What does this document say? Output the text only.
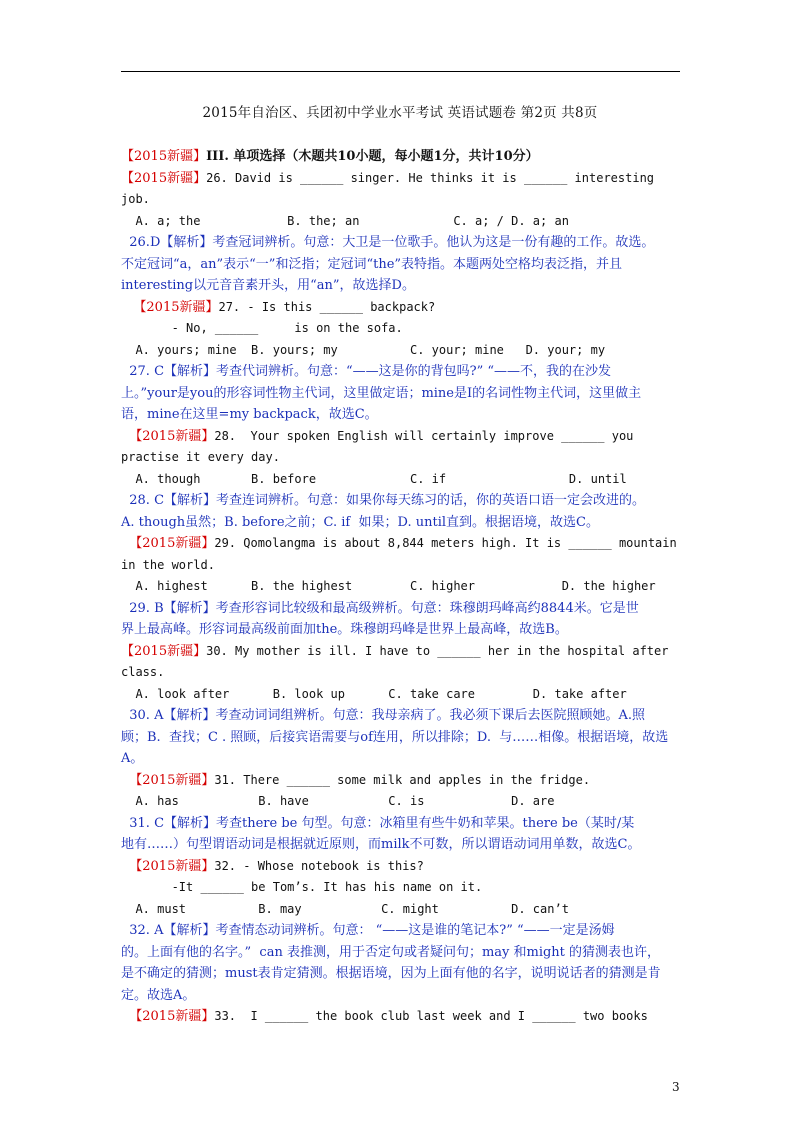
2015年自治区、兵团初中学业水平考试 英语试题卷 第2页 共8页
【2015新疆】III. 单项选择（木题共10小题，每小题1分，共计10分）
【2015新疆】26. David is ______ singer. He thinks it is ______ interesting
job.
A. a; the            B. the; an             C. a; / D. a; an
26.D【解析】考查冠词辨析。句意：大卫是一位歌手。他认为这是一份有趣的工作。故选。
不定冠词“a，an”表示“一”和泛指；定冠词“the”表特指。本题两处空格均表泛指，并且
interesting以元音音素开头，用“an”，故选择D。
【2015新疆】27. - Is this ______ backpack?
- No, ______     is on the sofa.
A. yours; mine  B. yours; my          C. your; mine   D. your; my
27. C【解析】考查代词辨析。句意：“——这是你的背包吗?” “——不，我的在沙发
上。”your是you的形容词性物主代词，这里做定语；mine是I的名词性物主代词，这里做主
语，mine在这里=my backpack，故选C。
【2015新疆】28.  Your spoken English will certainly improve ______ you
practise it every day.
A. though       B. before             C. if                 D. until
28. C【解析】考查连词辨析。句意：如果你每天练习的话，你的英语口语一定会改进的。
A. though虽然；B. before之前；C. if  如果；D. until直到。根据语境，故选C。
【2015新疆】29. Qomolangma is about 8,844 meters high. It is ______ mountain
in the world.
A. highest      B. the highest        C. higher            D. the higher
29. B【解析】考查形容词比较级和最高级辨析。句意：珠穆朗玛峰高约8844米。它是世
界上最高峰。形容词最高级前面加the。珠穆朗玛峰是世界上最高峰，故选B。
【2015新疆】30. My mother is ill. I have to ______ her in the hospital after
class.
A. look after      B. look up      C. take care        D. take after
30. A【解析】考查动词词组辨析。句意：我母亲病了。我必须下课后去医院照顾她。A.照
顾；B.  查找；C . 照顾，后接宾语需要与of连用，所以排除；D.  与……相像。根据语境，故选
A。
【2015新疆】31. There ______ some milk and apples in the fridge.
A. has           B. have           C. is            D. are
31. C【解析】考查there be 句型。句意：冰箱里有些牛奶和苹果。there be（某时/某
地有……）句型谓语动词是根据就近原则，而milk不可数，所以谓语动词用单数，故选C。
【2015新疆】32. - Whose notebook is this?
-It ______ be Tom’s. It has his name on it.
A. must          B. may           C. might          D. can’t
32. A【解析】考查情态动词辨析。句意： “——这是谁的笔记本?” “——一定是汤姆
的。上面有他的名字。”  can 表推测，用于否定句或者疑问句；may 和might 的猜测表也许，
是不确定的猜测；must表肯定猜测。根据语境，因为上面有他的名字，说明说话者的猜测是肯
定。故选A。
【2015新疆】33.  I ______ the book club last week and I ______ two books
3
